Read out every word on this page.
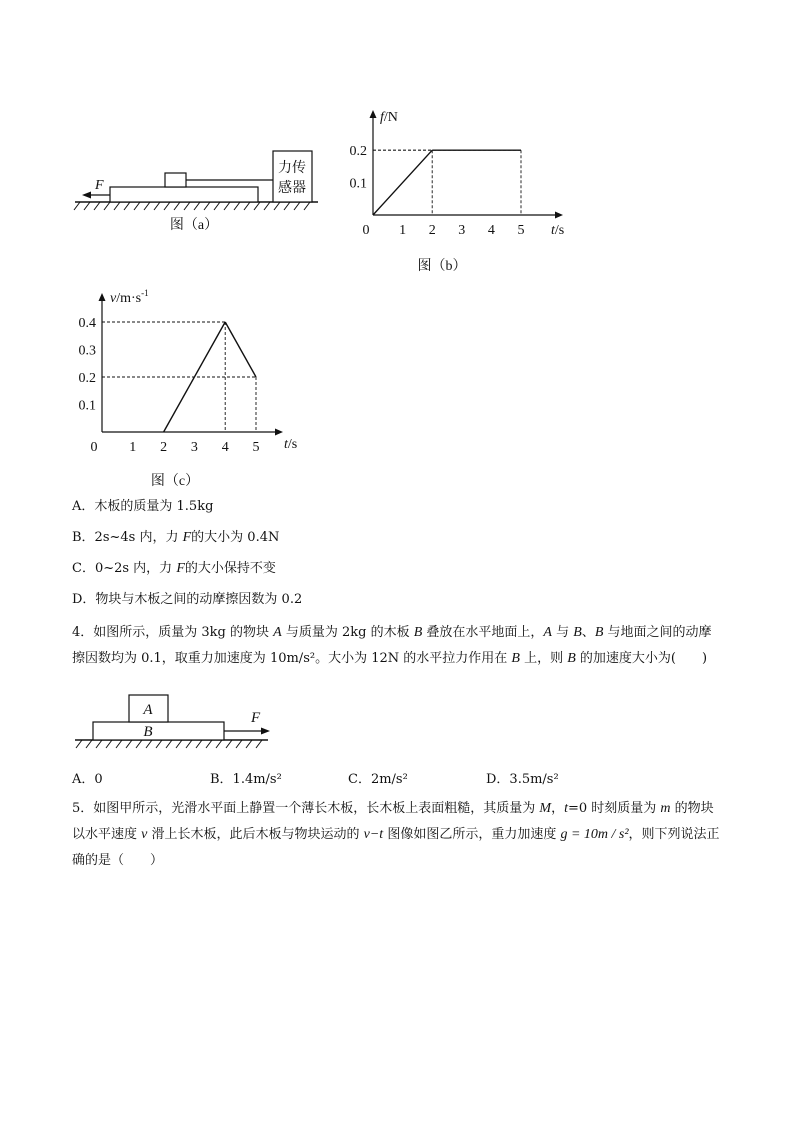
力传
感器
F
图（a）
f/N
t/s
0 1 2 3 4 5
0.1
0.2
图（b）
$v/m\cdot s^{-1}$
t/s
0 1 2 3 4 5
0.1
0.2
0.3
0.4
图（c）
A．木板的质量为 1.5kg
B．2s~4s 内，力 F的大小为 0.4N
C．0~2s 内，力 F的大小保持不变
D．物块与木板之间的动摩擦因数为 0.2
4．如图所示，质量为 3kg 的物块 A 与质量为 2kg 的木板 B 叠放在水平地面上，A 与 B、B 与地面之间的动摩擦因数均为 0.1，取重力加速度为 10m/s²。大小为 12N 的水平拉力作用在 B 上，则 B 的加速度大小为(　　)
A
B
F
A．0	B．1.4m/s²	C．2m/s²	D．3.5m/s²
5．如图甲所示，光滑水平面上静置一个薄长木板，长木板上表面粗糙，其质量为 M，t=0 时刻质量为 m 的物块以水平速度 v 滑上长木板，此后木板与物块运动的 v−t 图像如图乙所示，重力加速度 g = 10m / s²，则下列说法正确的是（　　）
